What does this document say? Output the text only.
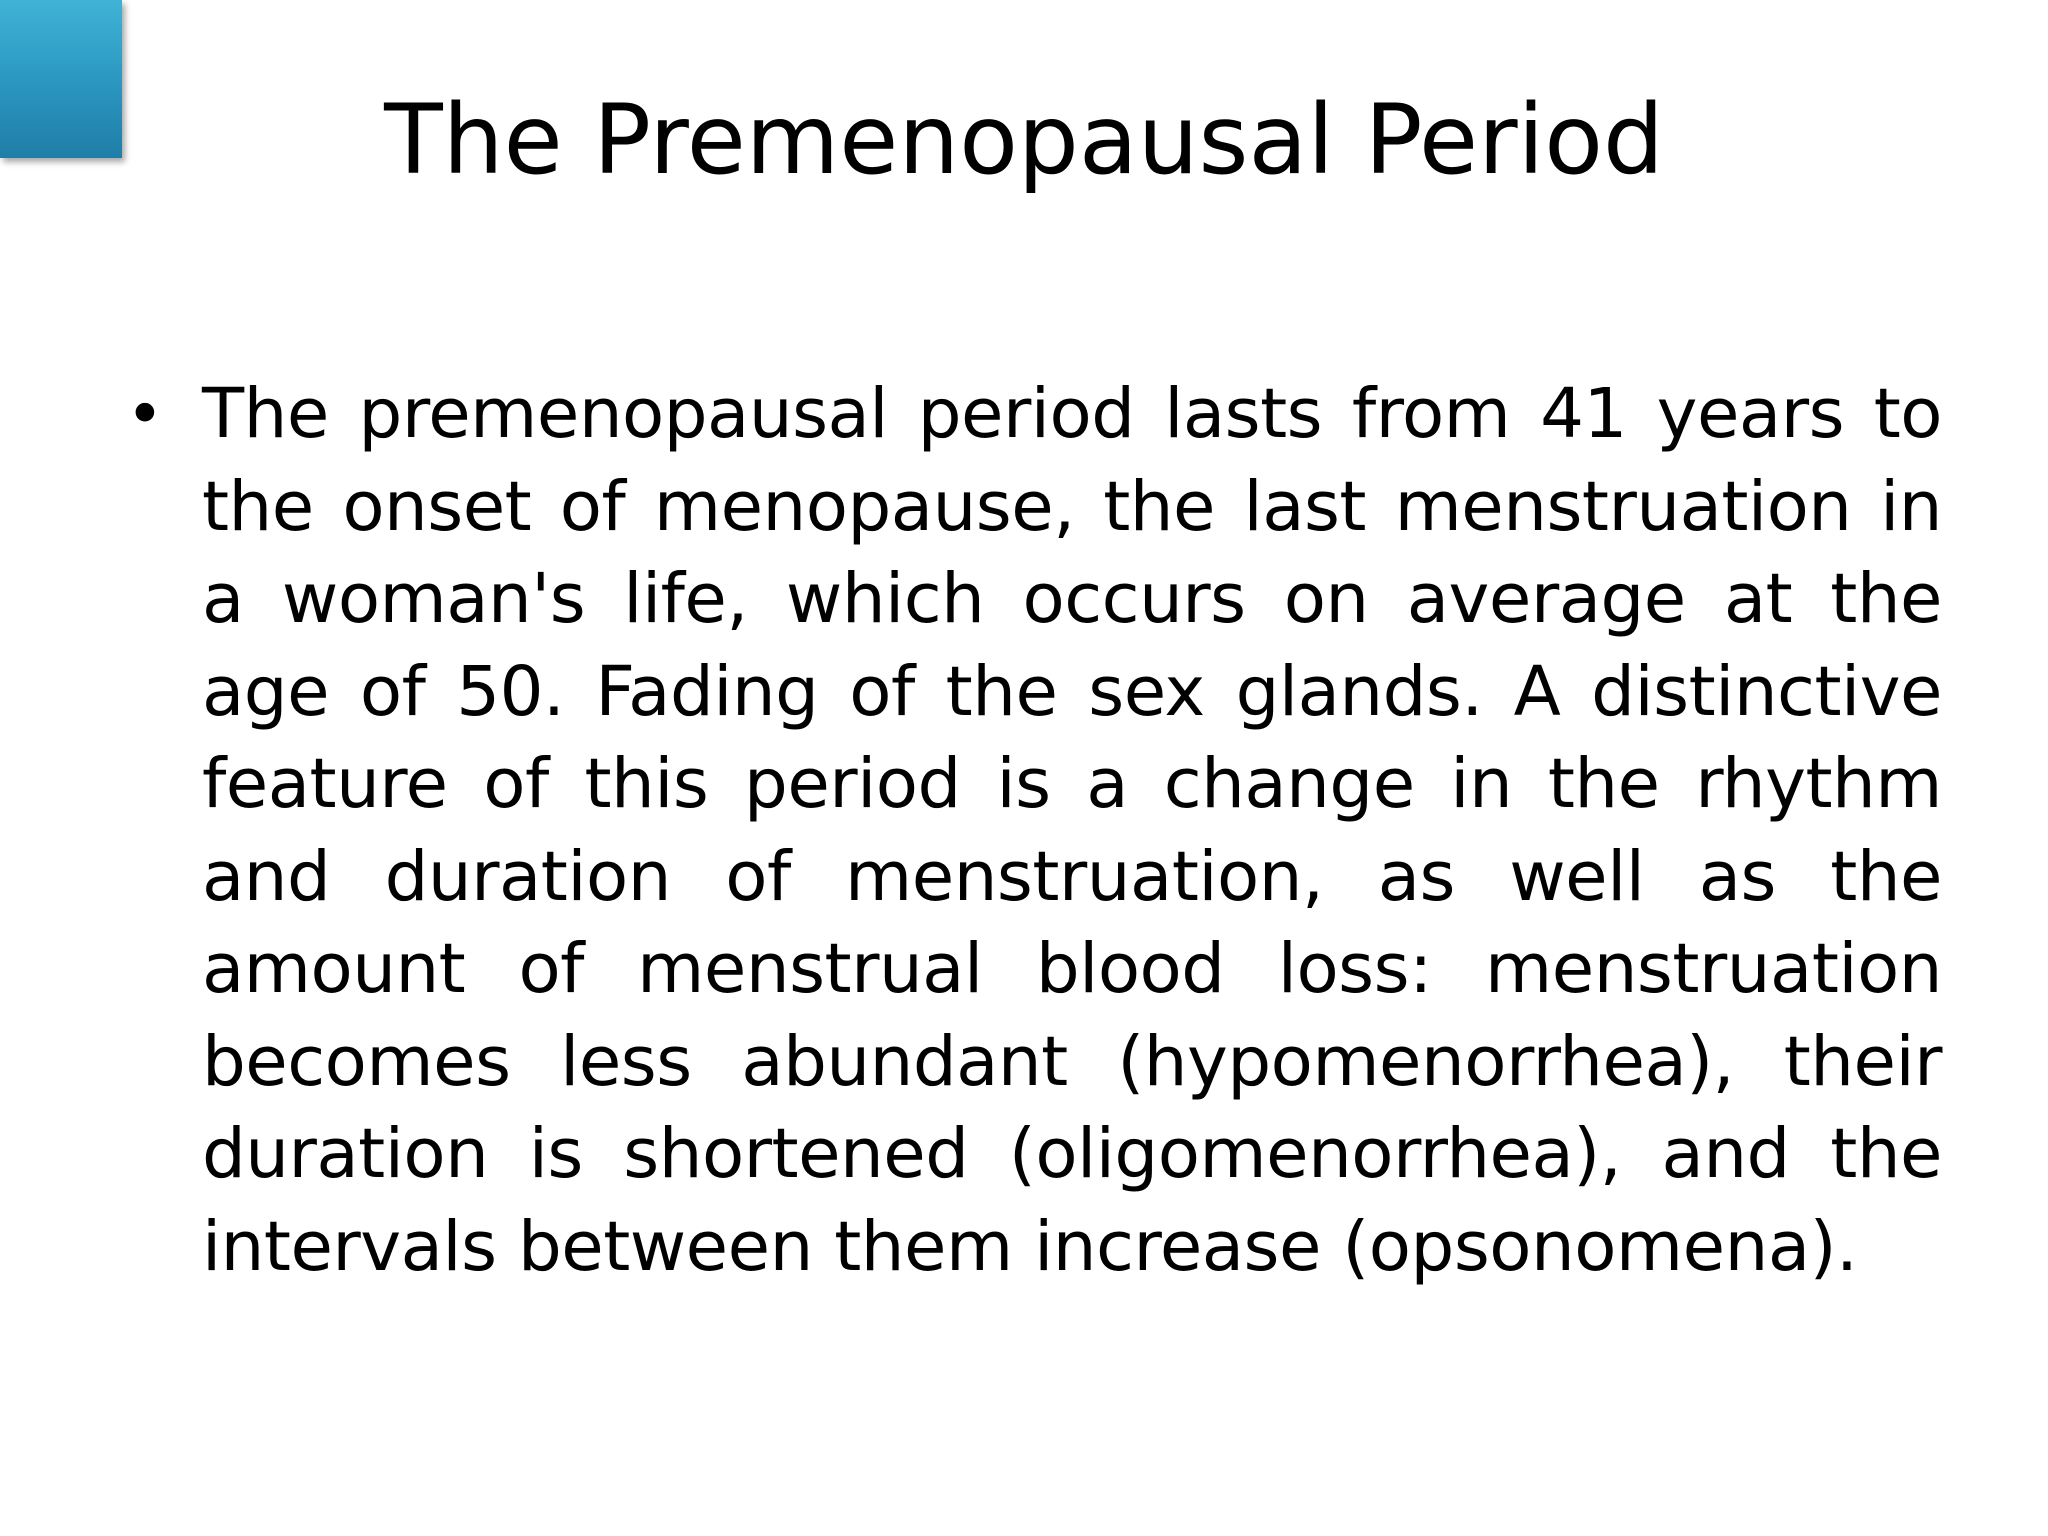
The Premenopausal Period
• The premenopausal period lasts from 41 years to the onset of menopause, the last menstruation in a woman's life, which occurs on average at the age of 50. Fading of the sex glands. A distinctive feature of this period is a change in the rhythm and duration of menstruation, as well as the amount of menstrual blood loss: menstruation becomes less abundant (hypomenorrhea), their duration is shortened (oligomenorrhea), and the intervals between them increase (opsonomena).
